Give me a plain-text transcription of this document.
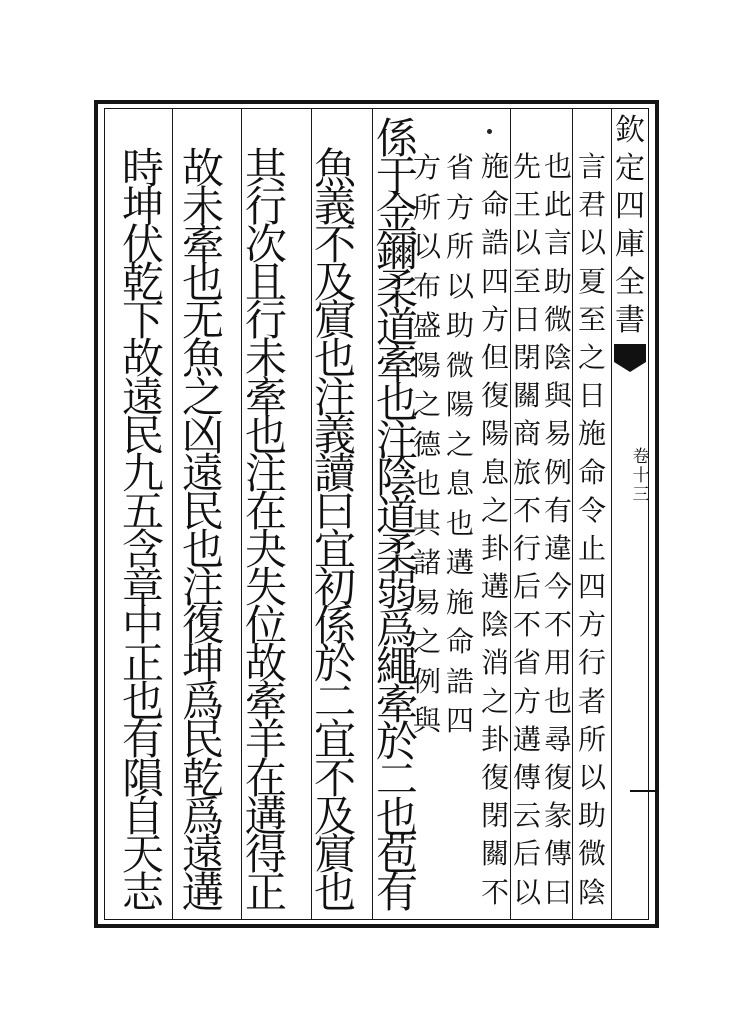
欽
定
四
庫
全
書
卷
十
三
言
君
以
夏
至
之
日
施
命
令
止
四
方
行
者
所
以
助
微
陰
也
此
言
助
微
陰
與
易
例
有
違
今
不
用
也
尋
復
彖
傳
曰
先
王
以
至
日
閉
關
商
旅
不
行
后
不
省
方
遘
傳
云
后
以
施
命
誥
四
方
但
復
陽
息
之
卦
遘
陰
消
之
卦
復
閉
關
不
省
方
所
以
助
微
陽
之
息
也
遘
施
命
誥
四
方
所
以
布
盛
陽
之
德
也
其
諸
易
之
例
與
係
于
金
鑈
柔
道
牽
也
注
陰
道
柔
弱
爲
繩
牽
於
二
也
苞
有
魚
義
不
及
賔
也
注
義
讀
曰
宜
初
係
於
二
宜
不
及
賔
也
其
行
次
且
行
未
牽
也
注
在
夬
失
位
故
牽
羊
在
遘
得
正
故
未
牽
也
无
魚
之
凶
遠
民
也
注
復
坤
爲
民
乾
爲
遠
遘
時
坤
伏
乾
下
故
遠
民
九
五
含
章
中
正
也
有
隕
自
天
志
